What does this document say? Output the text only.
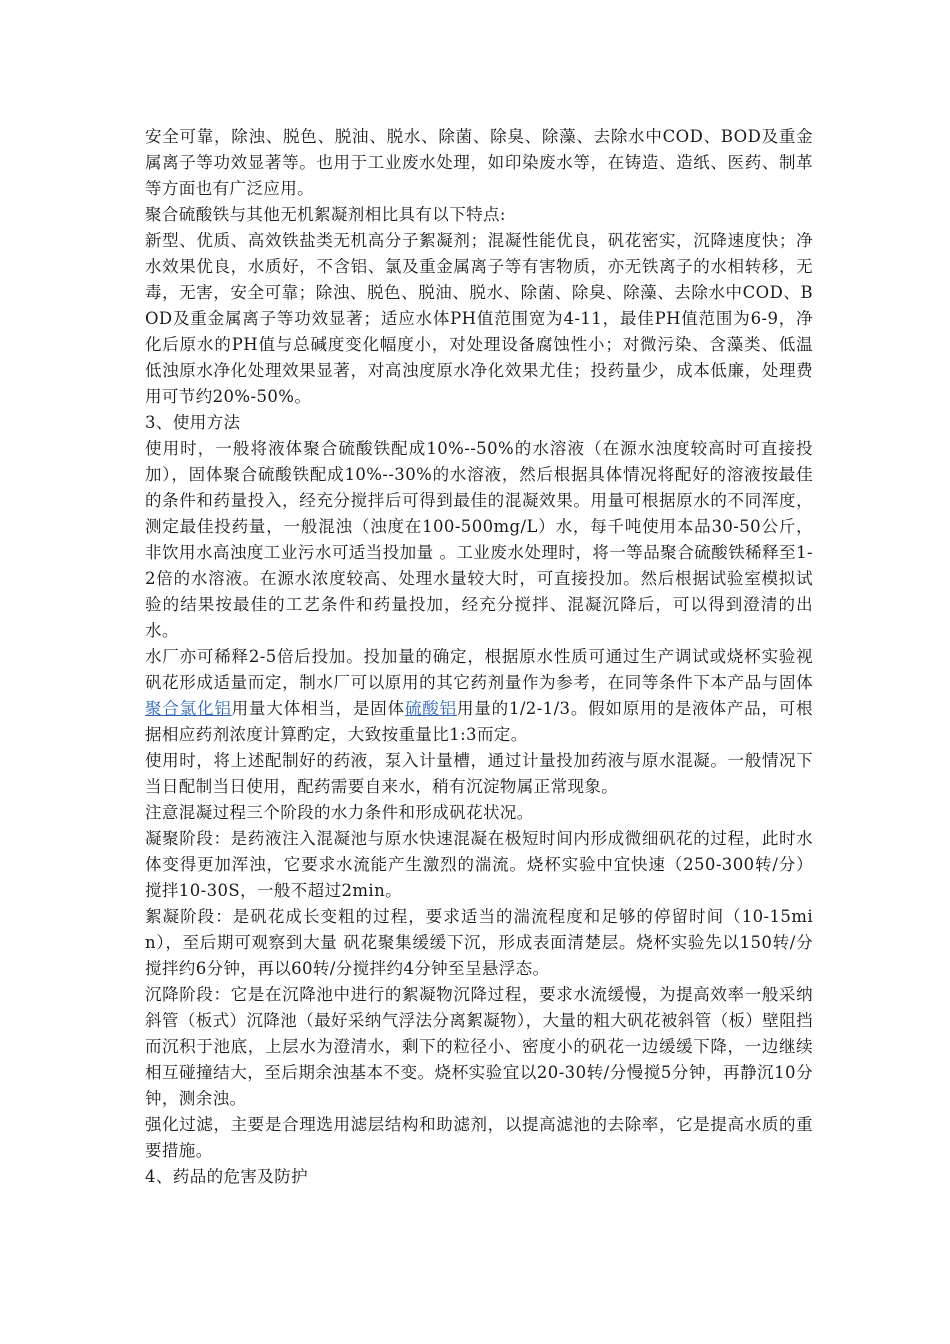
安全可靠，除浊、脱色、脱油、脱水、除菌、除臭、除藻、去除水中COD、BOD及重金属离子等功效显著等。也用于工业废水处理，如印染废水等，在铸造、造纸、医药、制革等方面也有广泛应用。

聚合硫酸铁与其他无机絮凝剂相比具有以下特点:

新型、优质、高效铁盐类无机高分子絮凝剂；混凝性能优良，矾花密实，沉降速度快；净水效果优良，水质好，不含铝、氯及重金属离子等有害物质，亦无铁离子的水相转移，无毒，无害，安全可靠；除浊、脱色、脱油、脱水、除菌、除臭、除藻、去除水中COD、BOD及重金属离子等功效显著；适应水体PH值范围宽为4-11，最佳PH值范围为6-9，净化后原水的PH值与总碱度变化幅度小，对处理设备腐蚀性小；对微污染、含藻类、低温低浊原水净化处理效果显著，对高浊度原水净化效果尤佳；投药量少，成本低廉，处理费用可节约20%-50%。

3、使用方法

使用时，一般将液体聚合硫酸铁配成10%--50%的水溶液（在源水浊度较高时可直接投加），固体聚合硫酸铁配成10%--30%的水溶液，然后根据具体情况将配好的溶液按最佳的条件和药量投入，经充分搅拌后可得到最佳的混凝效果。用量可根据原水的不同浑度，测定最佳投药量，一般混浊（浊度在100-500mg/L）水，每千吨使用本品30-50公斤，非饮用水高浊度工业污水可适当投加量 。工业废水处理时，将一等品聚合硫酸铁稀释至1-2倍的水溶液。在源水浓度较高、处理水量较大时，可直接投加。然后根据试验室模拟试验的结果按最佳的工艺条件和药量投加，经充分搅拌、混凝沉降后，可以得到澄清的出水。

水厂亦可稀释2-5倍后投加。投加量的确定，根据原水性质可通过生产调试或烧杯实验视矾花形成适量而定，制水厂可以原用的其它药剂量作为参考，在同等条件下本产品与固体聚合氯化铝用量大体相当，是固体硫酸铝用量的1/2-1/3。假如原用的是液体产品，可根据相应药剂浓度计算酌定，大致按重量比1:3而定。

使用时，将上述配制好的药液，泵入计量槽，通过计量投加药液与原水混凝。一般情况下当日配制当日使用，配药需要自来水，稍有沉淀物属正常现象。

注意混凝过程三个阶段的水力条件和形成矾花状况。

凝聚阶段：是药液注入混凝池与原水快速混凝在极短时间内形成微细矾花的过程，此时水体变得更加浑浊，它要求水流能产生激烈的湍流。烧杯实验中宜快速（250-300转/分）搅拌10-30S，一般不超过2min。

絮凝阶段：是矾花成长变粗的过程，要求适当的湍流程度和足够的停留时间（10-15min），至后期可观察到大量 矾花聚集缓缓下沉，形成表面清楚层。烧杯实验先以150转/分搅拌约6分钟，再以60转/分搅拌约4分钟至呈悬浮态。

沉降阶段：它是在沉降池中进行的絮凝物沉降过程，要求水流缓慢，为提高效率一般采纳斜管（板式）沉降池（最好采纳气浮法分离絮凝物），大量的粗大矾花被斜管（板）壁阻挡而沉积于池底，上层水为澄清水，剩下的粒径小、密度小的矾花一边缓缓下降，一边继续相互碰撞结大，至后期余浊基本不变。烧杯实验宜以20-30转/分慢搅5分钟，再静沉10分钟，测余浊。

强化过滤，主要是合理选用滤层结构和助滤剂，以提高滤池的去除率，它是提高水质的重要措施。

4、药品的危害及防护
